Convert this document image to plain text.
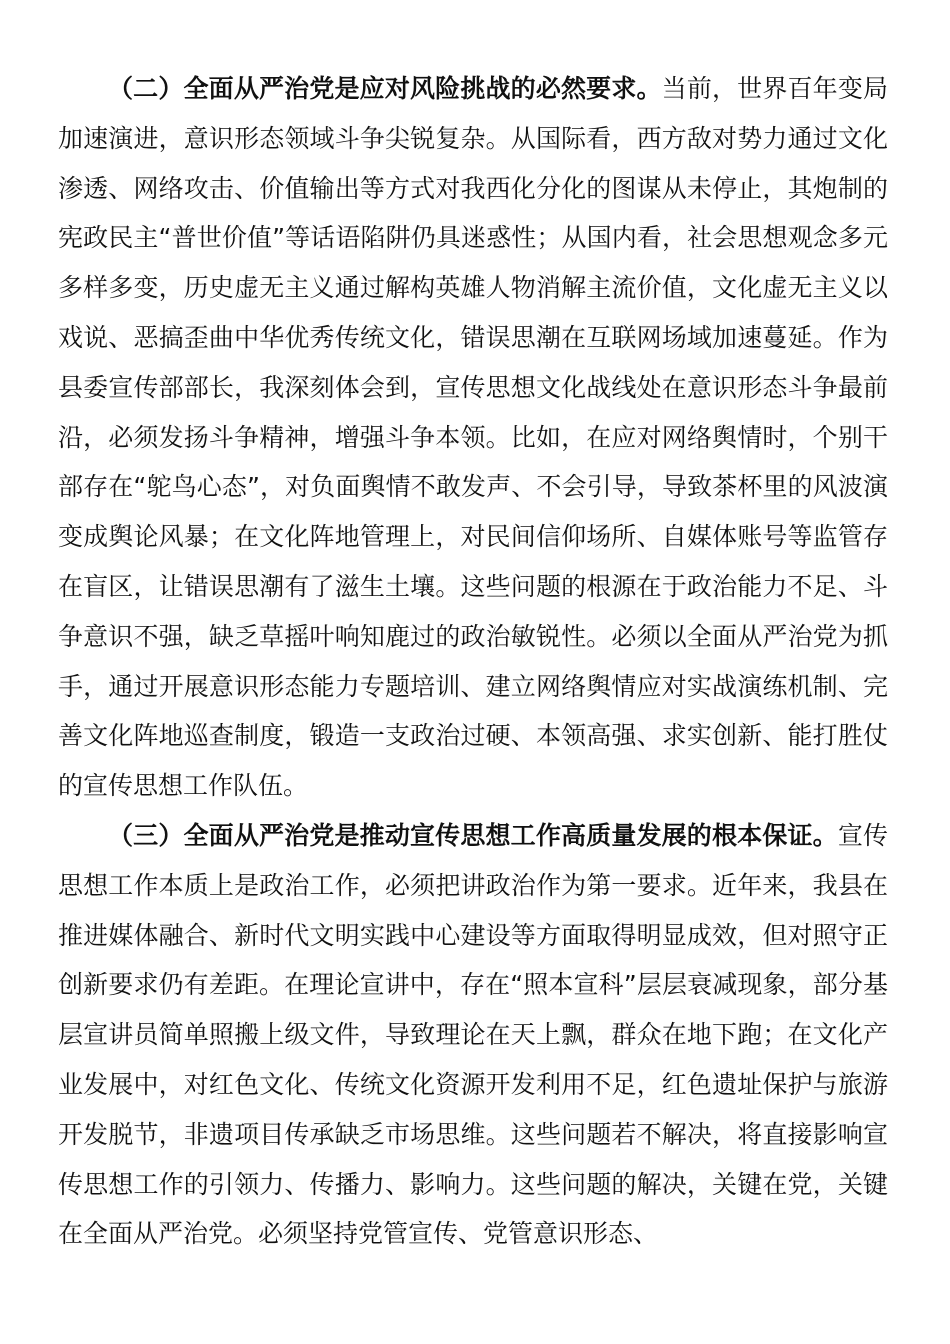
（二）全面从严治党是应对风险挑战的必然要求。当前，世界百年变局加速演进，意识形态领域斗争尖锐复杂。从国际看，西方敌对势力通过文化渗透、网络攻击、价值输出等方式对我西化分化的图谋从未停止，其炮制的宪政民主“普世价值”等话语陷阱仍具迷惑性；从国内看，社会思想观念多元多样多变，历史虚无主义通过解构英雄人物消解主流价值，文化虚无主义以戏说、恶搞歪曲中华优秀传统文化，错误思潮在互联网场域加速蔓延。作为县委宣传部部长，我深刻体会到，宣传思想文化战线处在意识形态斗争最前沿，必须发扬斗争精神，增强斗争本领。比如，在应对网络舆情时，个别干部存在“鸵鸟心态”，对负面舆情不敢发声、不会引导，导致茶杯里的风波演变成舆论风暴；在文化阵地管理上，对民间信仰场所、自媒体账号等监管存在盲区，让错误思潮有了滋生土壤。这些问题的根源在于政治能力不足、斗争意识不强，缺乏草摇叶响知鹿过的政治敏锐性。必须以全面从严治党为抓手，通过开展意识形态能力专题培训、建立网络舆情应对实战演练机制、完善文化阵地巡查制度，锻造一支政治过硬、本领高强、求实创新、能打胜仗的宣传思想工作队伍。

（三）全面从严治党是推动宣传思想工作高质量发展的根本保证。宣传思想工作本质上是政治工作，必须把讲政治作为第一要求。近年来，我县在推进媒体融合、新时代文明实践中心建设等方面取得明显成效，但对照守正创新要求仍有差距。在理论宣讲中，存在“照本宣科”层层衰减现象，部分基层宣讲员简单照搬上级文件，导致理论在天上飘，群众在地下跑；在文化产业发展中，对红色文化、传统文化资源开发利用不足，红色遗址保护与旅游开发脱节，非遗项目传承缺乏市场思维。这些问题若不解决，将直接影响宣传思想工作的引领力、传播力、影响力。这些问题的解决，关键在党，关键在全面从严治党。必须坚持党管宣传、党管意识形态、
